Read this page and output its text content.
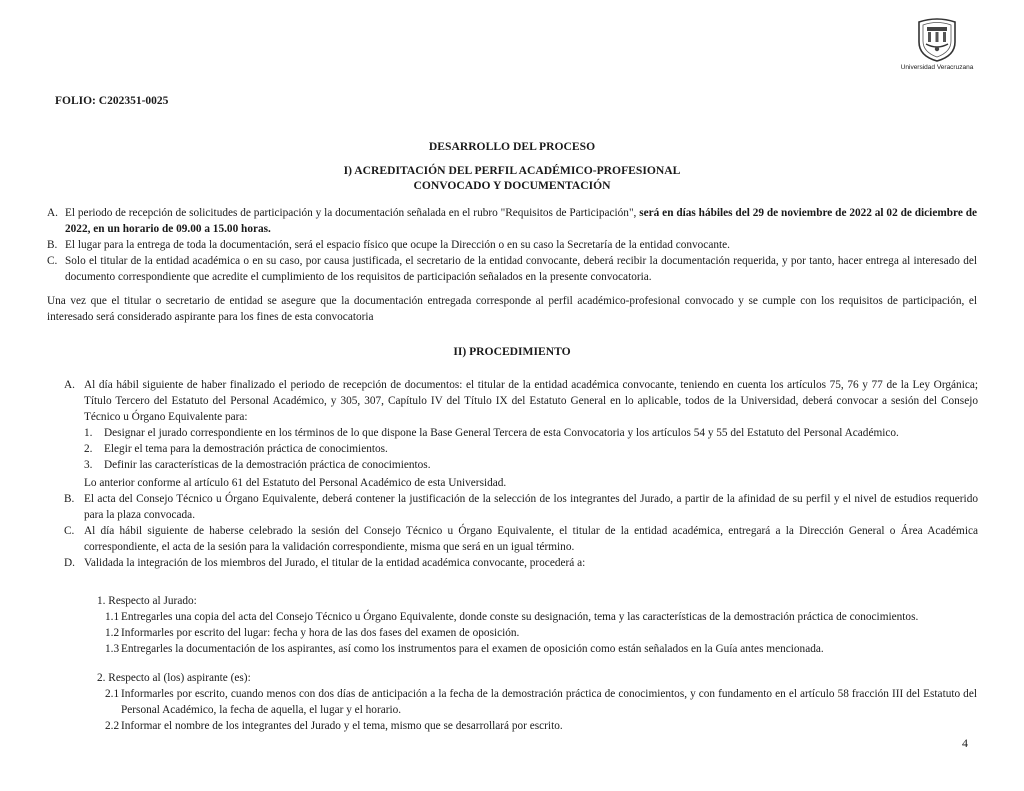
Universidad Veracruzana
FOLIO: C202351-0025
DESARROLLO DEL PROCESO
I) ACREDITACIÓN DEL PERFIL ACADÉMICO-PROFESIONAL
CONVOCADO Y DOCUMENTACIÓN
A. El periodo de recepción de solicitudes de participación y la documentación señalada en el rubro "Requisitos de Participación", será en días hábiles del 29 de noviembre de 2022 al 02 de diciembre de 2022, en un horario de 09.00 a 15.00 horas.
B. El lugar para la entrega de toda la documentación, será el espacio físico que ocupe la Dirección o en su caso la Secretaría de la entidad convocante.
C. Solo el titular de la entidad académica o en su caso, por causa justificada, el secretario de la entidad convocante, deberá recibir la documentación requerida, y por tanto, hacer entrega al interesado del documento correspondiente que acredite el cumplimiento de los requisitos de participación señalados en la presente convocatoria.
Una vez que el titular o secretario de entidad se asegure que la documentación entregada corresponde al perfil académico-profesional convocado y se cumple con los requisitos de participación, el interesado será considerado aspirante para los fines de esta convocatoria
II) PROCEDIMIENTO
A. Al día hábil siguiente de haber finalizado el periodo de recepción de documentos: el titular de la entidad académica convocante, teniendo en cuenta los artículos 75, 76 y 77 de la Ley Orgánica; Título Tercero del Estatuto del Personal Académico, y 305, 307, Capítulo IV del Título IX del Estatuto General en lo aplicable, todos de la Universidad, deberá convocar a sesión del Consejo Técnico u Órgano Equivalente para:
1. Designar el jurado correspondiente en los términos de lo que dispone la Base General Tercera de esta Convocatoria y los artículos 54 y 55 del Estatuto del Personal Académico.
2. Elegir el tema para la demostración práctica de conocimientos.
3. Definir las características de la demostración práctica de conocimientos.
Lo anterior conforme al artículo 61 del Estatuto del Personal Académico de esta Universidad.
B. El acta del Consejo Técnico u Órgano Equivalente, deberá contener la justificación de la selección de los integrantes del Jurado, a partir de la afinidad de su perfil y el nivel de estudios requerido para la plaza convocada.
C. Al día hábil siguiente de haberse celebrado la sesión del Consejo Técnico u Órgano Equivalente, el titular de la entidad académica, entregará a la Dirección General o Área Académica correspondiente, el acta de la sesión para la validación correspondiente, misma que será en un igual término.
D. Validada la integración de los miembros del Jurado, el titular de la entidad académica convocante, procederá a:
1. Respecto al Jurado:
1.1 Entregarles una copia del acta del Consejo Técnico u Órgano Equivalente, donde conste su designación, tema y las características de la demostración práctica de conocimientos.
1.2 Informarles por escrito del lugar: fecha y hora de las dos fases del examen de oposición.
1.3 Entregarles la documentación de los aspirantes, así como los instrumentos para el examen de oposición como están señalados en la Guía antes mencionada.
2. Respecto al (los) aspirante (es):
2.1 Informarles por escrito, cuando menos con dos días de anticipación a la fecha de la demostración práctica de conocimientos, y con fundamento en el artículo 58 fracción III del Estatuto del Personal Académico, la fecha de aquella, el lugar y el horario.
2.2 Informar el nombre de los integrantes del Jurado y el tema, mismo que se desarrollará por escrito.
4
